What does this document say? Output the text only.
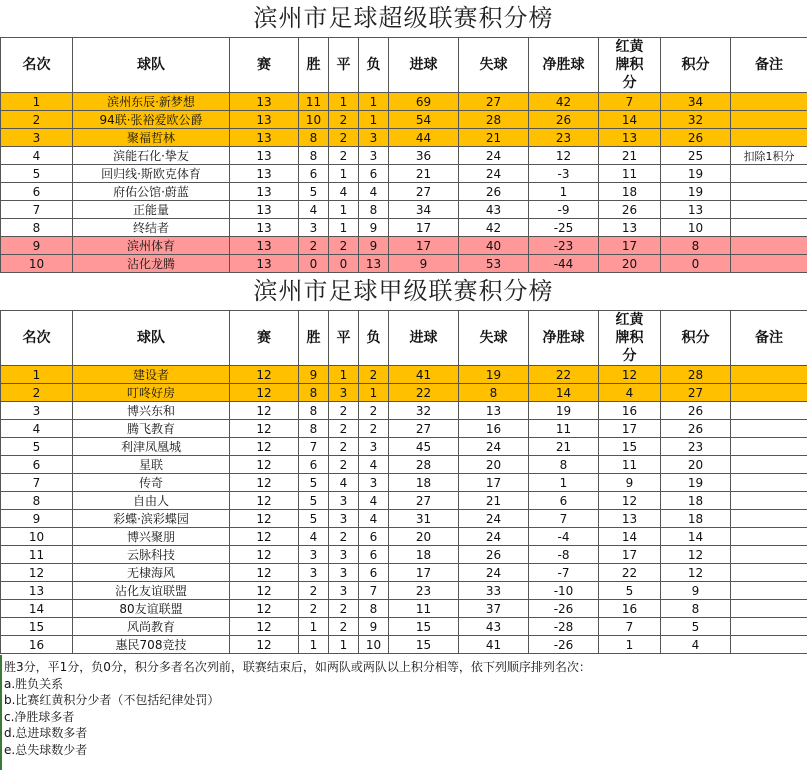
滨州市足球超级联赛积分榜
名次	球队	赛	胜	平	负	进球	失球	净胜球	红黄牌积分	积分	备注
1	滨州东辰·新梦想	13	11	1	1	69	27	42	7	34	
2	94联·张裕爱欧公爵	13	10	2	1	54	28	26	14	32	
3	聚福哲林	13	8	2	3	44	21	23	13	26	
4	滨能石化·挚友	13	8	2	3	36	24	12	21	25	扣除1积分
5	回归线·斯欧克体育	13	6	1	6	21	24	-3	11	19	
6	府佑公馆·蔚蓝	13	5	4	4	27	26	1	18	19	
7	正能量	13	4	1	8	34	43	-9	26	13	
8	终结者	13	3	1	9	17	42	-25	13	10	
9	滨州体育	13	2	2	9	17	40	-23	17	8	
10	沾化龙腾	13	0	0	13	9	53	-44	20	0	
滨州市足球甲级联赛积分榜
名次	球队	赛	胜	平	负	进球	失球	净胜球	红黄牌积分	积分	备注
1	建设者	12	9	1	2	41	19	22	12	28	
2	叮咚好房	12	8	3	1	22	8	14	4	27	
3	博兴东和	12	8	2	2	32	13	19	16	26	
4	腾飞教育	12	8	2	2	27	16	11	17	26	
5	利津凤凰城	12	7	2	3	45	24	21	15	23	
6	星联	12	6	2	4	28	20	8	11	20	
7	传奇	12	5	4	3	18	17	1	9	19	
8	自由人	12	5	3	4	27	21	6	12	18	
9	彩蝶·滨彩蝶园	12	5	3	4	31	24	7	13	18	
10	博兴聚朋	12	4	2	6	20	24	-4	14	14	
11	云脉科技	12	3	3	6	18	26	-8	17	12	
12	无棣海风	12	3	3	6	17	24	-7	22	12	
13	沾化友谊联盟	12	2	3	7	23	33	-10	5	9	
14	80友谊联盟	12	2	2	8	11	37	-26	16	8	
15	风尚教育	12	1	2	9	15	43	-28	7	5	
16	惠民708竞技	12	1	1	10	15	41	-26	1	4	
胜3分，平1分，负0分，积分多者名次列前，联赛结束后，如两队或两队以上积分相等，依下列顺序排列名次：
a.胜负关系
b.比赛红黄积分少者（不包括纪律处罚）
c.净胜球多者
d.总进球数多者
e.总失球数少者
